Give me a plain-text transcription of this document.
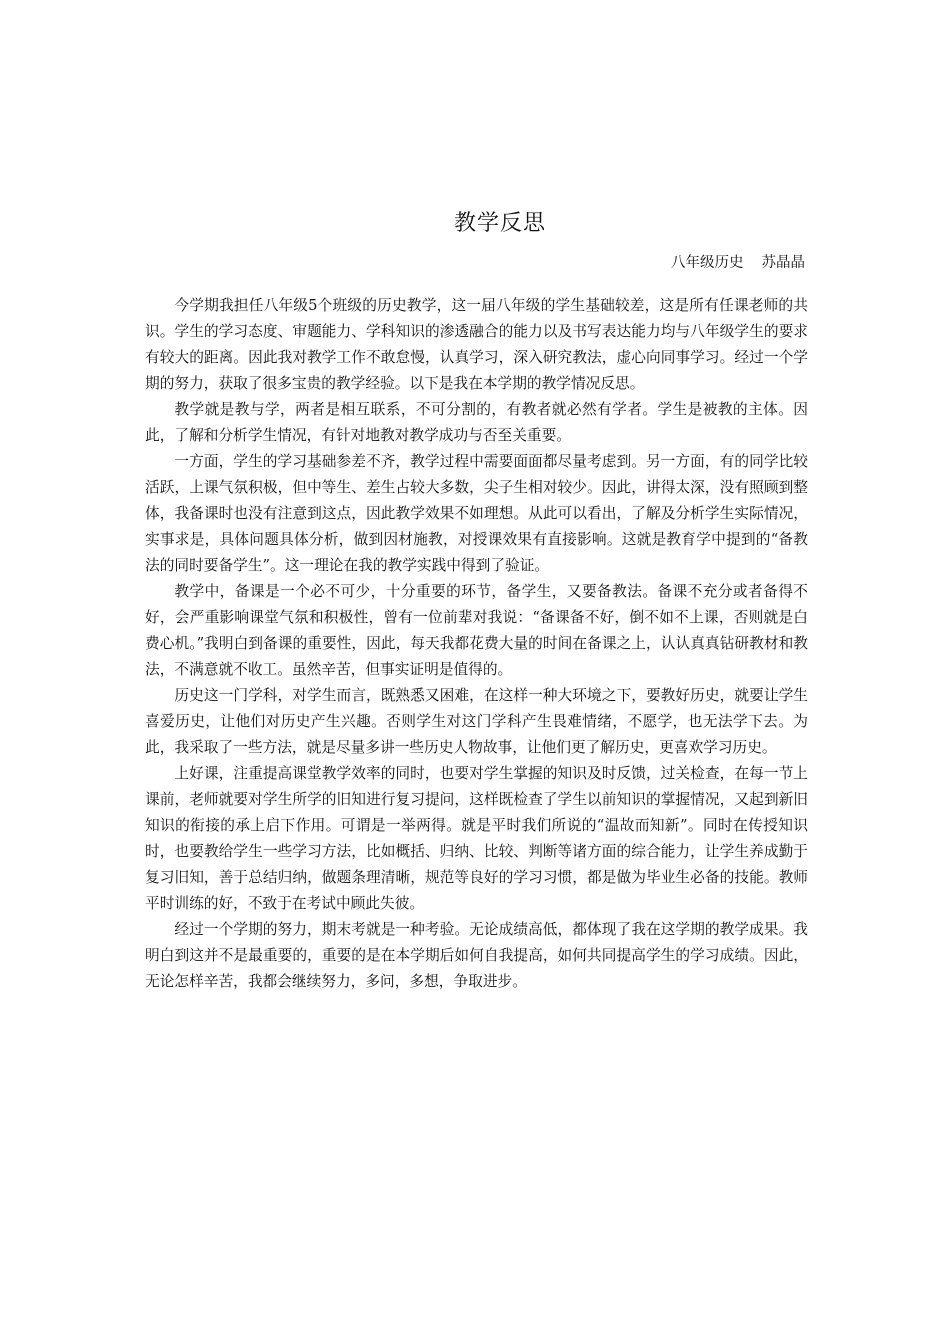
教学反思
八年级历史 苏晶晶

今学期我担任八年级5个班级的历史教学，这一届八年级的学生基础较差，这是所有任课老师的共识。学生的学习态度、审题能力、学科知识的渗透融合的能力以及书写表达能力均与八年级学生的要求有较大的距离。因此我对教学工作不敢怠慢，认真学习，深入研究教法，虚心向同事学习。经过一个学期的努力，获取了很多宝贵的教学经验。以下是我在本学期的教学情况反思。

教学就是教与学，两者是相互联系，不可分割的，有教者就必然有学者。学生是被教的主体。因此，了解和分析学生情况，有针对地教对教学成功与否至关重要。

一方面，学生的学习基础参差不齐，教学过程中需要面面都尽量考虑到。另一方面，有的同学比较活跃，上课气氛积极，但中等生、差生占较大多数，尖子生相对较少。因此，讲得太深，没有照顾到整体，我备课时也没有注意到这点，因此教学效果不如理想。从此可以看出，了解及分析学生实际情况，实事求是，具体问题具体分析，做到因材施教，对授课效果有直接影响。这就是教育学中提到的“备教法的同时要备学生”。这一理论在我的教学实践中得到了验证。

教学中，备课是一个必不可少，十分重要的环节，备学生，又要备教法。备课不充分或者备得不好，会严重影响课堂气氛和积极性，曾有一位前辈对我说：“备课备不好，倒不如不上课，否则就是白费心机。”我明白到备课的重要性，因此，每天我都花费大量的时间在备课之上，认认真真钻研教材和教法，不满意就不收工。虽然辛苦，但事实证明是值得的。

历史这一门学科，对学生而言，既熟悉又困难，在这样一种大环境之下，要教好历史，就要让学生喜爱历史，让他们对历史产生兴趣。否则学生对这门学科产生畏难情绪，不愿学，也无法学下去。为此，我采取了一些方法，就是尽量多讲一些历史人物故事，让他们更了解历史，更喜欢学习历史。

上好课，注重提高课堂教学效率的同时，也要对学生掌握的知识及时反馈，过关检查，在每一节上课前，老师就要对学生所学的旧知进行复习提问，这样既检查了学生以前知识的掌握情况，又起到新旧知识的衔接的承上启下作用。可谓是一举两得。就是平时我们所说的“温故而知新”。同时在传授知识时，也要教给学生一些学习方法，比如概括、归纳、比较、判断等诸方面的综合能力，让学生养成勤于复习旧知，善于总结归纳，做题条理清晰，规范等良好的学习习惯，都是做为毕业生必备的技能。教师平时训练的好，不致于在考试中顾此失彼。

经过一个学期的努力，期末考就是一种考验。无论成绩高低，都体现了我在这学期的教学成果。我明白到这并不是最重要的，重要的是在本学期后如何自我提高，如何共同提高学生的学习成绩。因此，无论怎样辛苦，我都会继续努力，多问，多想，争取进步。
